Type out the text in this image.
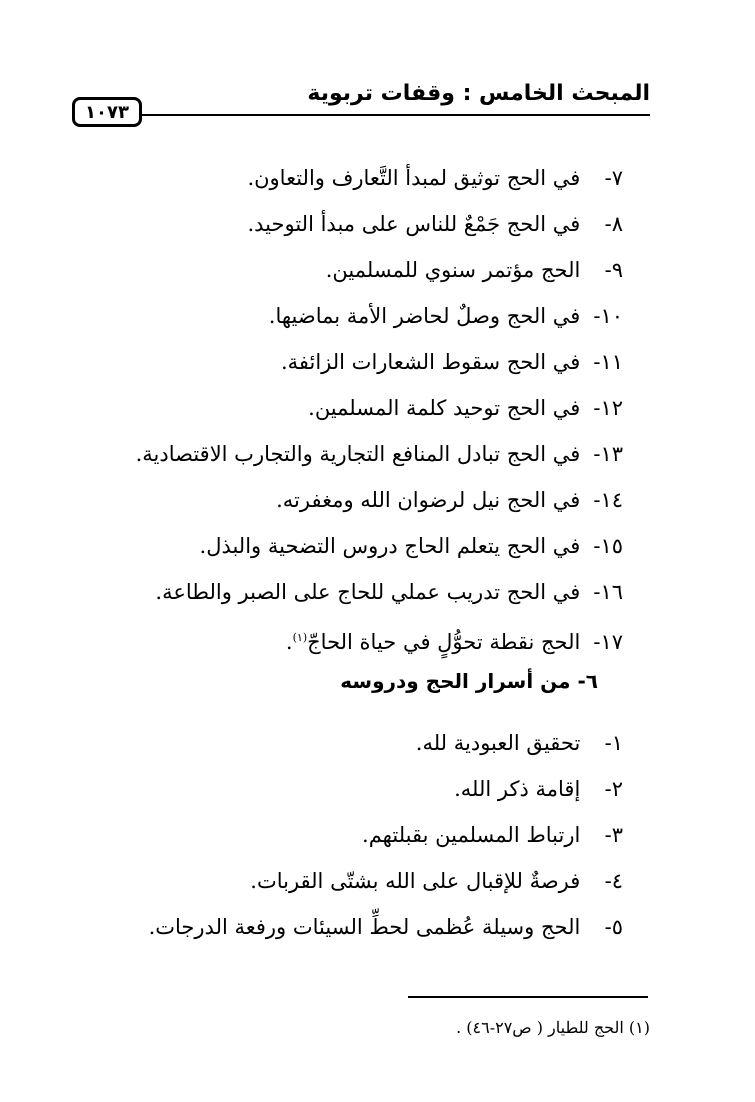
المبحث الخامس : وقفات تربوية
١٠٧٣
٧- في الحج توثيق لمبدأ التَّعارف والتعاون.
٨- في الحج جَمْعٌ للناس على مبدأ التوحيد.
٩- الحج مؤتمر سنوي للمسلمين.
١٠- في الحج وصلٌ لحاضر الأمة بماضيها.
١١- في الحج سقوط الشعارات الزائفة.
١٢- في الحج توحيد كلمة المسلمين.
١٣- في الحج تبادل المنافع التجارية والتجارب الاقتصادية.
١٤- في الحج نيل لرضوان الله ومغفرته.
١٥- في الحج يتعلم الحاج دروس التضحية والبذل.
١٦- في الحج تدريب عملي للحاج على الصبر والطاعة.
١٧- الحج نقطة تحوُّلٍ في حياة الحاجّ$^{(١)}$.
٦- من أسرار الحج ودروسه
١- تحقيق العبودية لله.
٢- إقامة ذكر الله.
٣- ارتباط المسلمين بقبلتهم.
٤- فرصةٌ للإقبال على الله بشتّى القربات.
٥- الحج وسيلة عُظمى لحطِّ السيئات ورفعة الدرجات.
(١) الحج للطيار ( ص٢٧-٤٦) .
